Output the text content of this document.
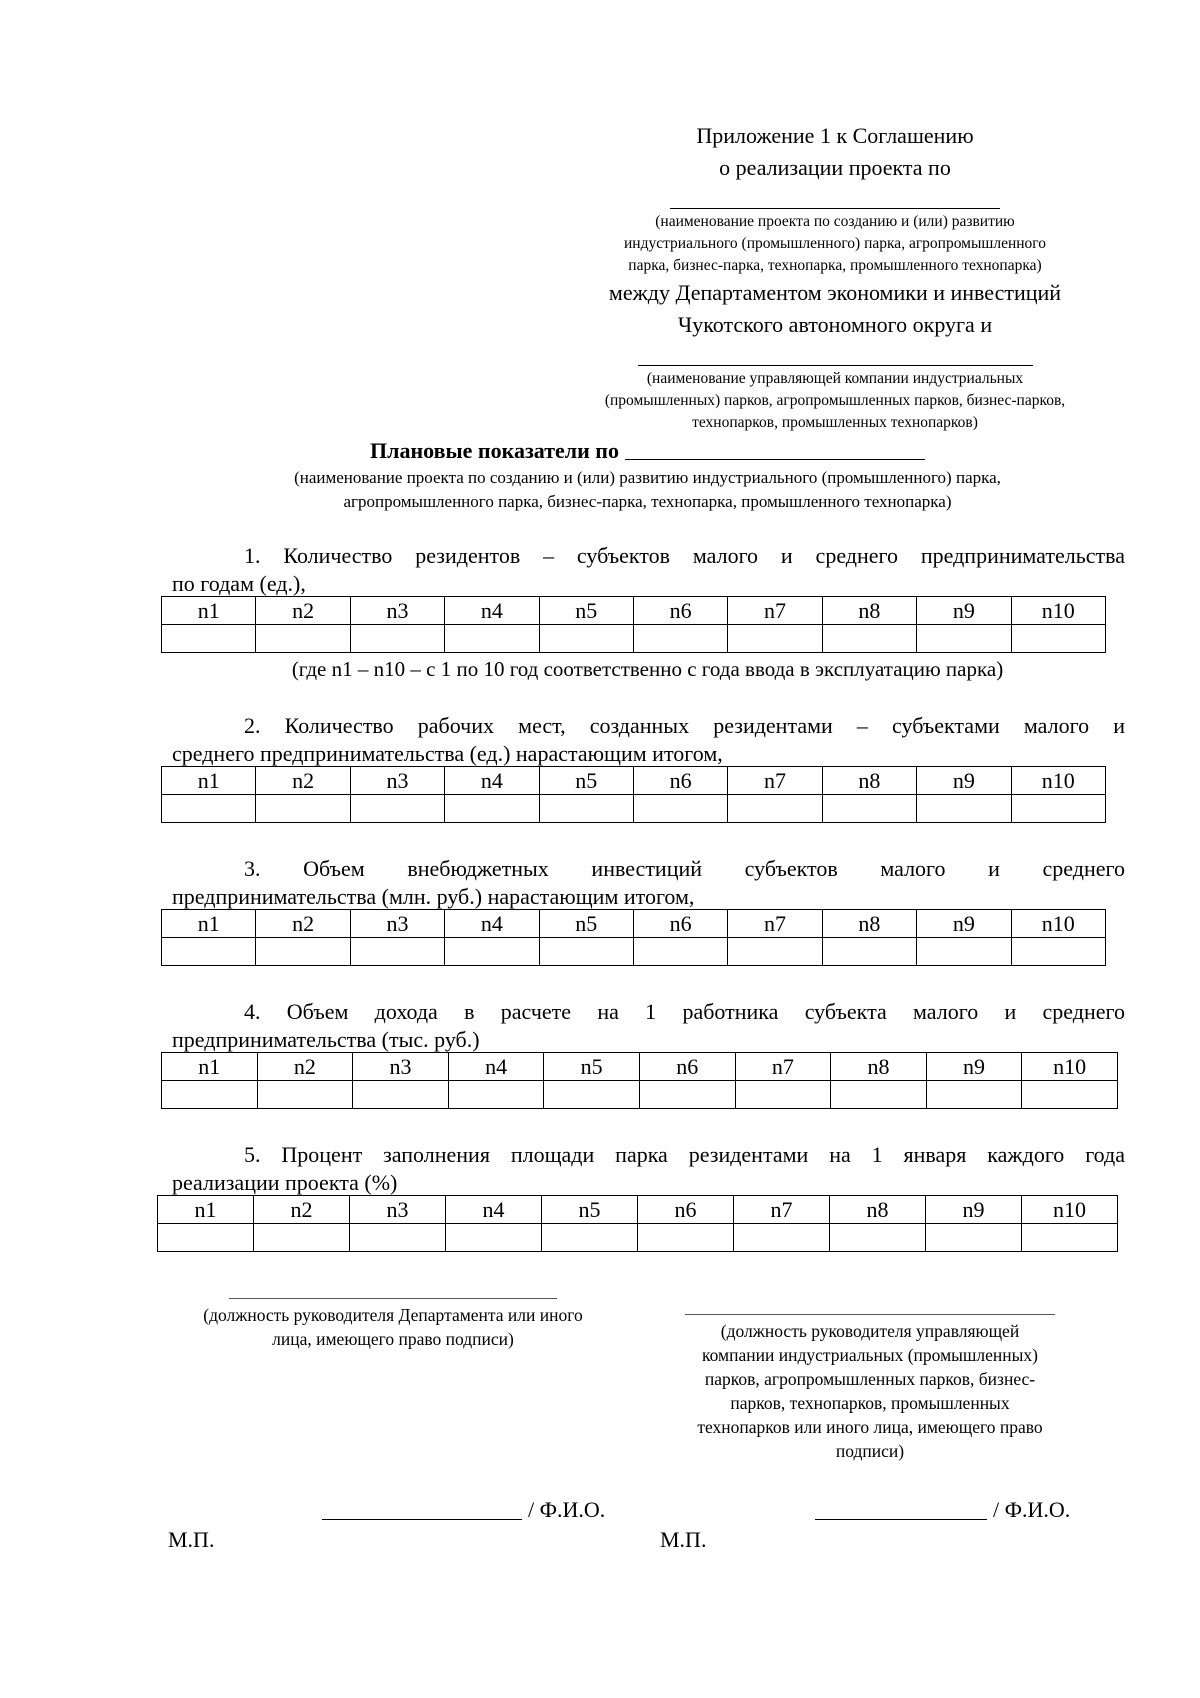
Приложение 1 к Соглашению
о реализации проекта по
(наименование проекта по созданию и (или) развитию
индустриального (промышленного) парка, агропромышленного
парка, бизнес-парка, технопарка, промышленного технопарка)
между Департаментом экономики и инвестиций
Чукотского автономного округа и
(наименование управляющей компании индустриальных
(промышленных) парков, агропромышленных парков, бизнес-парков,
технопарков, промышленных технопарков)
Плановые показатели по
(наименование проекта по созданию и (или) развитию индустриального (промышленного) парка,
агропромышленного парка, бизнес-парка, технопарка, промышленного технопарка)
1. Количество резидентов – субъектов малого и среднего предпринимательства
по годам (ед.),
n1	n2	n3	n4	n5	n6	n7	n8	n9	n10

(где n1 – n10 – с 1 по 10 год соответственно с года ввода в эксплуатацию парка)
2. Количество рабочих мест, созданных резидентами – субъектами малого и
среднего предпринимательства (ед.) нарастающим итогом,
n1	n2	n3	n4	n5	n6	n7	n8	n9	n10

3. Объем внебюджетных инвестиций субъектов малого и среднего
предпринимательства (млн. руб.) нарастающим итогом,
n1	n2	n3	n4	n5	n6	n7	n8	n9	n10

4. Объем дохода в расчете на 1 работника субъекта малого и среднего
предпринимательства (тыс. руб.)
n1	n2	n3	n4	n5	n6	n7	n8	n9	n10

5. Процент заполнения площади парка резидентами на 1 января каждого года
реализации проекта (%)
n1	n2	n3	n4	n5	n6	n7	n8	n9	n10

(должность руководителя Департамента или иного
лица, имеющего право подписи)	(должность руководителя управляющей
компании индустриальных (промышленных)
парков, агропромышленных парков, бизнес-
парков, технопарков, промышленных
технопарков или иного лица, имеющего право
подписи)
/ Ф.И.О.	/ Ф.И.О.
М.П.	М.П.
